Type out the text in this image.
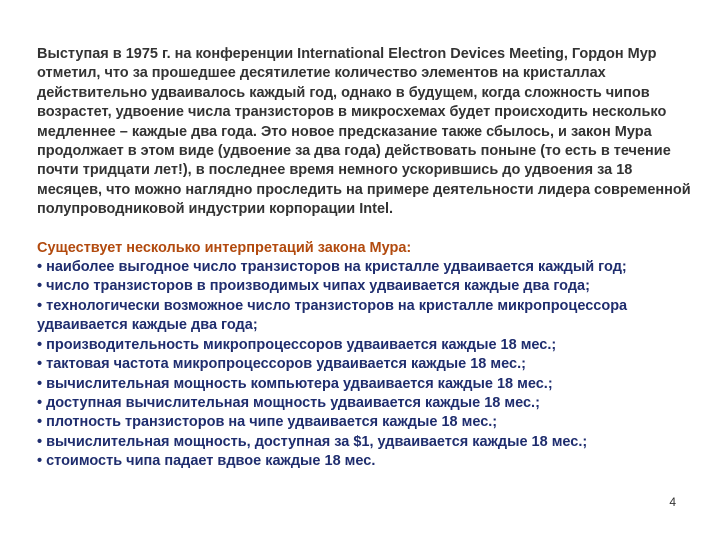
Выступая в 1975 г. на конференции International Electron Devices Meeting, Гордон Мур отметил, что за прошедшее десятилетие количество элементов на кристаллах действительно удваивалось каждый год, однако в будущем, когда сложность чипов возрастет, удвоение числа транзисторов в микросхемах будет происходить несколько медленнее – каждые два года. Это новое предсказание также сбылось, и закон Мура продолжает в этом виде (удвоение за два года) действовать поныне (то есть в течение почти тридцати лет!), в последнее время немного ускорившись до удвоения за 18 месяцев, что можно наглядно проследить на примере деятельности лидера современной полупроводниковой индустрии корпорации Intel.

Существует несколько интерпретаций закона Мура:

• наиболее выгодное число транзисторов на кристалле удваивается каждый год;
• число транзисторов в производимых чипах удваивается каждые два года;
• технологически возможное число транзисторов на кристалле микропроцессора удваивается каждые два года;
• производительность микропроцессоров удваивается каждые 18 мес.;
• тактовая частота микропроцессоров удваивается каждые 18 мес.;
• вычислительная мощность компьютера удваивается каждые 18 мес.;
• доступная вычислительная мощность удваивается каждые 18 мес.;
• плотность транзисторов на чипе удваивается каждые 18 мес.;
• вычислительная мощность, доступная за $1, удваивается каждые 18 мес.;
• стоимость чипа падает вдвое каждые 18 мес.
4
